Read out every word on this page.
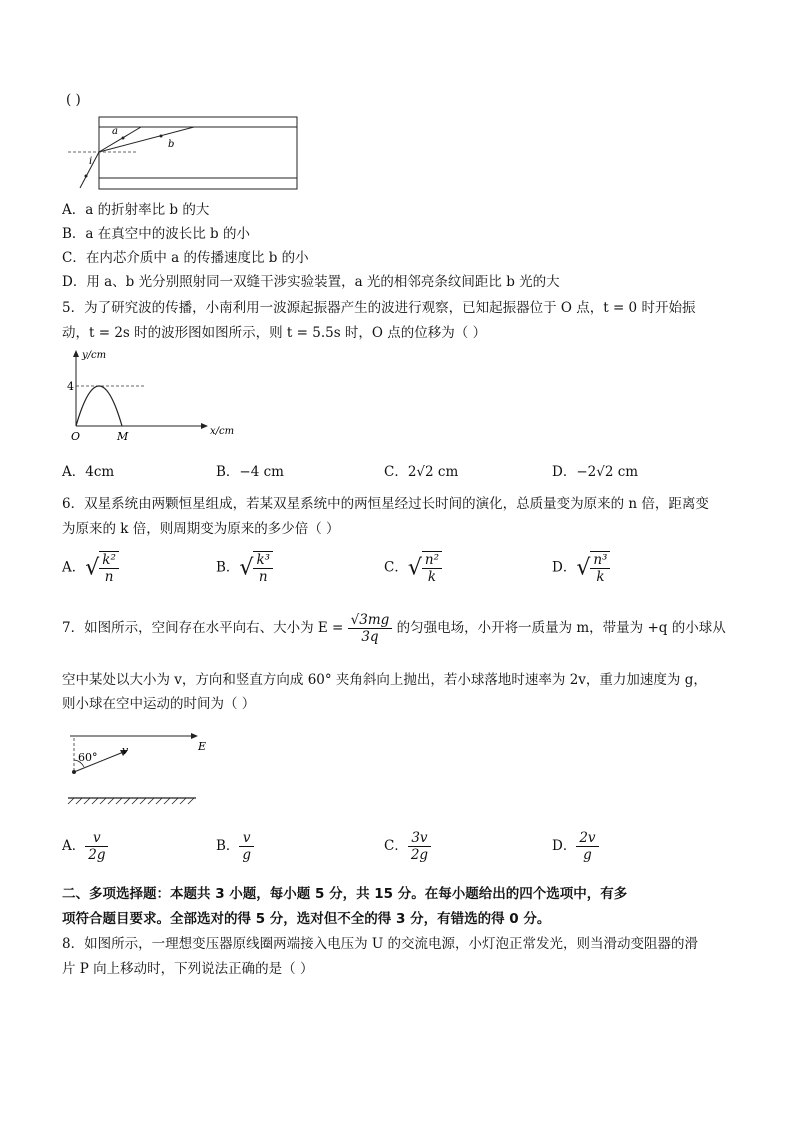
( )
a
b
i
A．a 的折射率比 b 的大
B．a 在真空中的波长比 b 的小
C．在内芯介质中 a 的传播速度比 b 的小
D．用 a、b 光分别照射同一双缝干涉实验装置，a 光的相邻亮条纹间距比 b 光的大
5．为了研究波的传播，小南利用一波源起振器产生的波进行观察，已知起振器位于 O 点，t = 0 时开始振
动，t = 2s 时的波形图如图所示，则 t = 5.5s 时，O 点的位移为（ ）
y/cm
x/cm
4
O	M
A．4cm	B．−4 cm	C．2√2 cm	D．−2√2 cm
6．双星系统由两颗恒星组成，若某双星系统中的两恒星经过长时间的演化，总质量变为原来的 n 倍，距离变
为原来的 k 倍，则周期变为原来的多少倍（ ）
A．√ $\frac{\text{k²}}{n}$	B．√ $\frac{\text{k³}}{n}$	C．√ $\frac{\text{n²}}{k}$	D．√ $\frac{\text{n³}}{k}$
7．如图所示，空间存在水平向右、大小为 $E = \frac{√3mg}{3q}$ 的匀强电场，小开将一质量为 m，带量为 +q 的小球从
空中某处以大小为 v，方向和竖直方向成 60° 夹角斜向上抛出，若小球落地时速率为 2v，重力加速度为 g，
则小球在空中运动的时间为（ ）
60°
v	E
A． $\frac{v}{2g}$	B． $\frac{v}{g}$	C． $\frac{3v}{2g}$	D． $\frac{2v}{g}$
二、多项选择题：本题共 3 小题，每小题 5 分，共 15 分。在每小题给出的四个选项中，有多
项符合题目要求。全部选对的得 5 分，选对但不全的得 3 分，有错选的得 0 分。
8．如图所示，一理想变压器原线圈两端接入电压为 U 的交流电源，小灯泡正常发光，则当滑动变阻器的滑
片 P 向上移动时，下列说法正确的是（ ）
